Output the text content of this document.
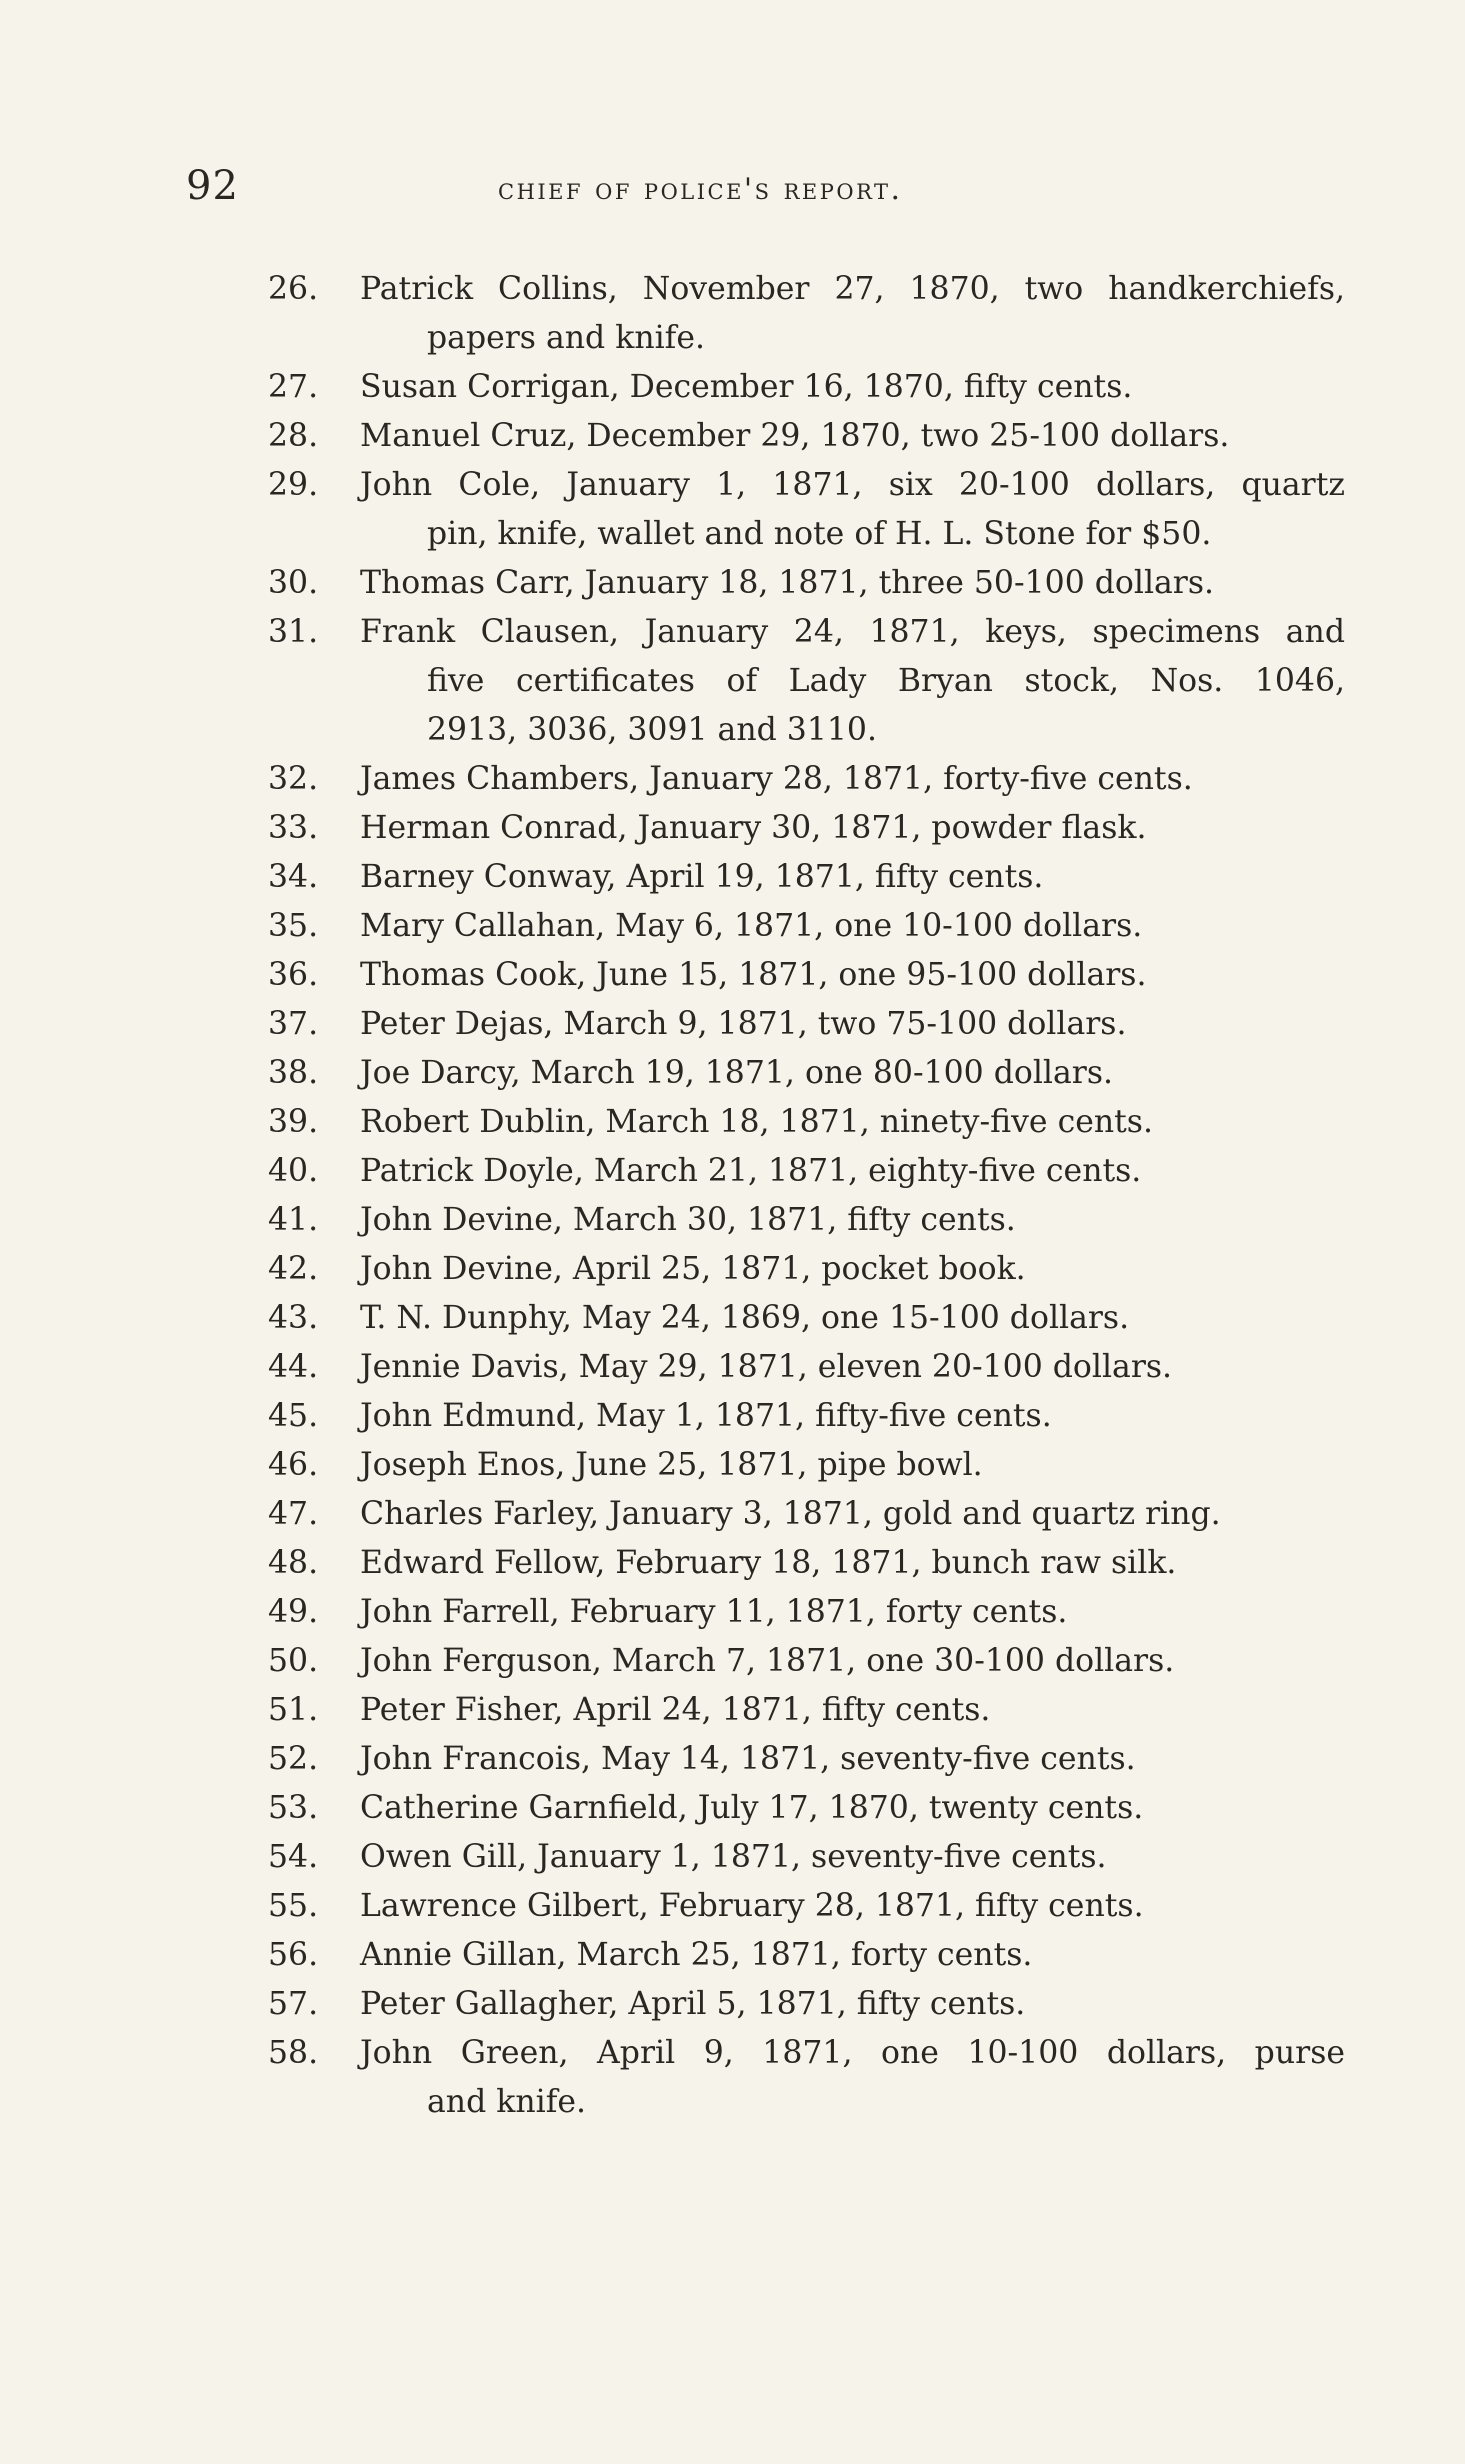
92	chief of police's report.
26.	Patrick Collins, November 27, 1870, two handkerchiefs,
papers and knife.
27.	Susan Corrigan, December 16, 1870, fifty cents.
28.	Manuel Cruz, December 29, 1870, two 25-100 dollars.
29.	John Cole, January 1, 1871, six 20-100 dollars, quartz
pin, knife, wallet and note of H. L. Stone for $50.
30.	Thomas Carr, January 18, 1871, three 50-100 dollars.
31.	Frank Clausen, January 24, 1871, keys, specimens and
five certificates of Lady Bryan stock, Nos. 1046,
2913, 3036, 3091 and 3110.
32.	James Chambers, January 28, 1871, forty-five cents.
33.	Herman Conrad, January 30, 1871, powder flask.
34.	Barney Conway, April 19, 1871, fifty cents.
35.	Mary Callahan, May 6, 1871, one 10-100 dollars.
36.	Thomas Cook, June 15, 1871, one 95-100 dollars.
37.	Peter Dejas, March 9, 1871, two 75-100 dollars.
38.	Joe Darcy, March 19, 1871, one 80-100 dollars.
39.	Robert Dublin, March 18, 1871, ninety-five cents.
40.	Patrick Doyle, March 21, 1871, eighty-five cents.
41.	John Devine, March 30, 1871, fifty cents.
42.	John Devine, April 25, 1871, pocket book.
43.	T. N. Dunphy, May 24, 1869, one 15-100 dollars.
44.	Jennie Davis, May 29, 1871, eleven 20-100 dollars.
45.	John Edmund, May 1, 1871, fifty-five cents.
46.	Joseph Enos, June 25, 1871, pipe bowl.
47.	Charles Farley, January 3, 1871, gold and quartz ring.
48.	Edward Fellow, February 18, 1871, bunch raw silk.
49.	John Farrell, February 11, 1871, forty cents.
50.	John Ferguson, March 7, 1871, one 30-100 dollars.
51.	Peter Fisher, April 24, 1871, fifty cents.
52.	John Francois, May 14, 1871, seventy-five cents.
53.	Catherine Garnfield, July 17, 1870, twenty cents.
54.	Owen Gill, January 1, 1871, seventy-five cents.
55.	Lawrence Gilbert, February 28, 1871, fifty cents.
56.	Annie Gillan, March 25, 1871, forty cents.
57.	Peter Gallagher, April 5, 1871, fifty cents.
58.	John Green, April 9, 1871, one 10-100 dollars, purse
and knife.
